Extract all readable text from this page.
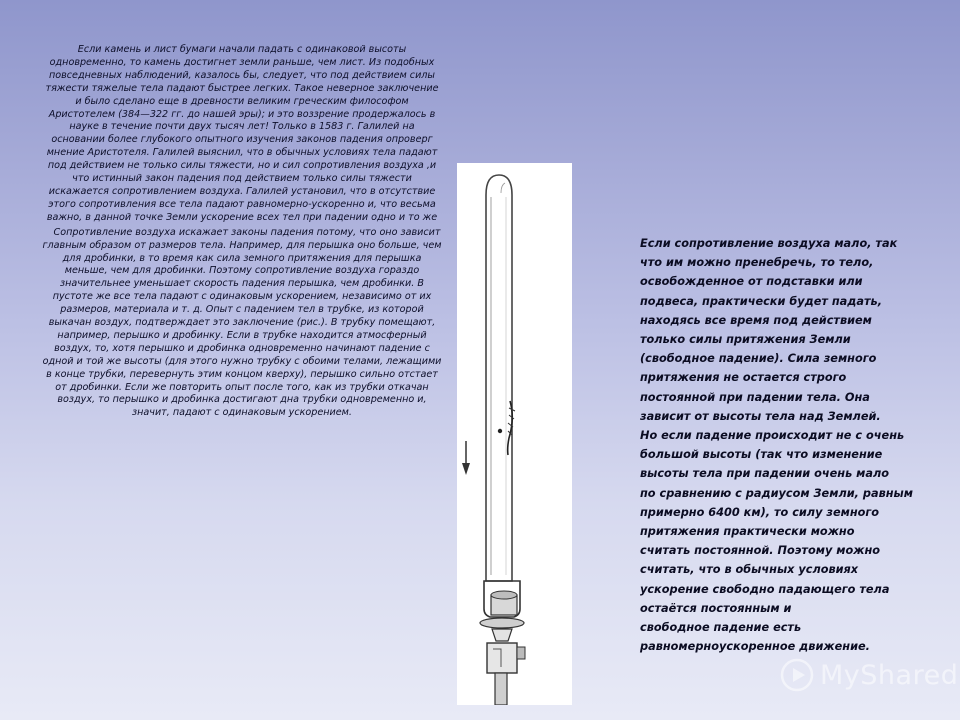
Если камень и лист бумаги начали падать с одинаковой высоты одновременно, то камень достигнет земли раньше, чем лист. Из подобных повседневных наблюдений, казалось бы, следует, что под действием силы тяжести тяжелые тела падают быстрее легких. Такое неверное заключение и было сделано еще в древности великим греческим философом Аристотелем (384—322 гг. до нашей эры); и это воззрение продержалось в науке в течение почти двух тысяч лет! Только в 1583 г. Галилей на основании более глубокого опытного изучения законов падения опроверг мнение Аристотеля. Галилей выяснил, что в обычных условиях тела падают под действием не только силы тяжести, но и сил сопротивления воздуха ,и что истинный закон падения под действием только силы тяжести искажается сопротивлением воздуха. Галилей установил, что в отсутствие этого сопротивления все тела падают равномерно-ускоренно и, что весьма важно, в данной точке Земли ускорение всех тел при падении одно и то же

Сопротивление воздуха искажает законы падения потому, что оно зависит главным образом от размеров тела. Например, для перышка оно больше, чем для дробинки, в то время как сила земного притяжения для перышка меньше, чем для дробинки. Поэтому сопротивление воздуха гораздо значительнее уменьшает скорость падения перышка, чем дробинки. В пустоте же все тела падают с одинаковым ускорением, независимо от их размеров, материала и т. д. Опыт с падением тел в трубке, из которой выкачан воздух, подтверждает это заключение (рис.). В трубку помещают, например, перышко и дробинку. Если в трубке находится атмосферный воздух, то, хотя перышко и дробинка одновременно начинают падение с одной и той же высоты (для этого нужно трубку с обоими телами, лежащими в конце трубки, перевернуть этим концом кверху), перышко сильно отстает от дробинки. Если же повторить опыт после того, как из трубки откачан воздух, то перышко и дробинка достигают дна трубки одновременно и, значит, падают с одинаковым ускорением.

Если сопротивление воздуха мало, так
что им можно пренебречь, то тело,
освобожденное от подставки или
подвеса, практически будет падать,
находясь все время под действием
только силы притяжения Земли
(свободное падение). Сила земного
притяжения не остается строго
постоянной при падении тела. Она
зависит от высоты тела над Землей.
Но если падение происходит не с очень
большой высоты (так что изменение
высоты тела при падении очень мало
по сравнению с радиусом Земли, равным
примерно 6400 км), то силу земного
притяжения практически можно
считать постоянной. Поэтому можно
считать, что в обычных условиях
ускорение свободно падающего тела
остаётся постоянным и
свободное падение есть
равномерноускоренное движение.
MyShared
